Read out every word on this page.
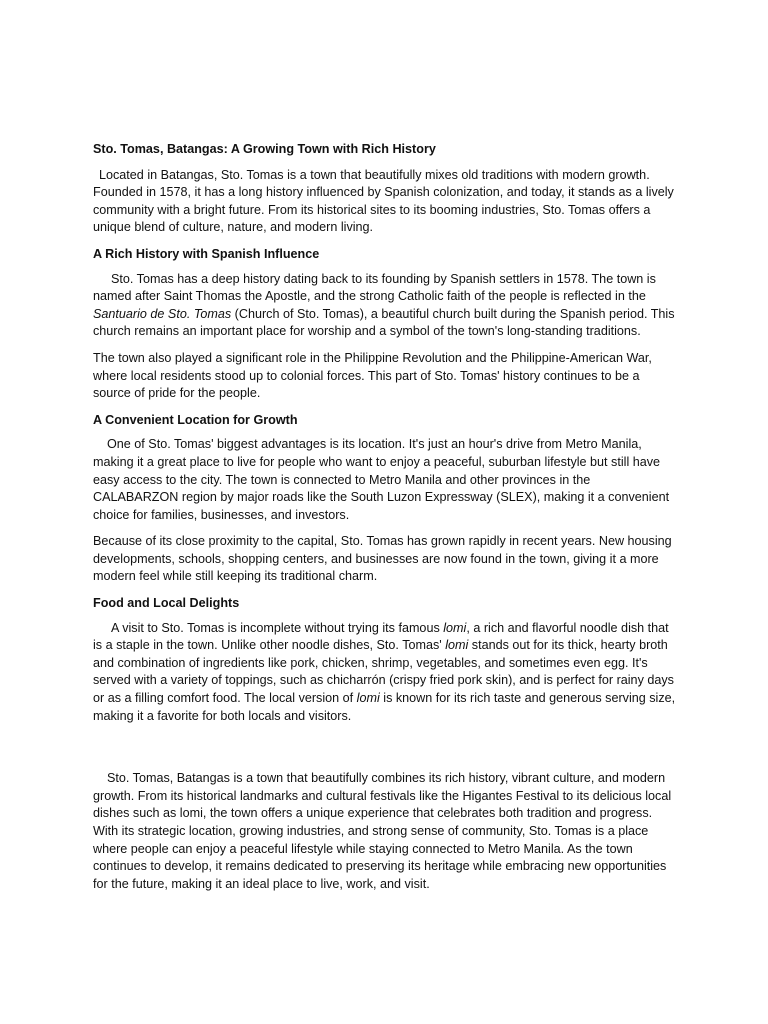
Sto. Tomas, Batangas: A Growing Town with Rich History

Located in Batangas, Sto. Tomas is a town that beautifully mixes old traditions with modern growth. Founded in 1578, it has a long history influenced by Spanish colonization, and today, it stands as a lively community with a bright future. From its historical sites to its booming industries, Sto. Tomas offers a unique blend of culture, nature, and modern living.

A Rich History with Spanish Influence

Sto. Tomas has a deep history dating back to its founding by Spanish settlers in 1578. The town is named after Saint Thomas the Apostle, and the strong Catholic faith of the people is reflected in the Santuario de Sto. Tomas (Church of Sto. Tomas), a beautiful church built during the Spanish period. This church remains an important place for worship and a symbol of the town's long-standing traditions.

The town also played a significant role in the Philippine Revolution and the Philippine-American War, where local residents stood up to colonial forces. This part of Sto. Tomas' history continues to be a source of pride for the people.

A Convenient Location for Growth

One of Sto. Tomas' biggest advantages is its location. It's just an hour's drive from Metro Manila, making it a great place to live for people who want to enjoy a peaceful, suburban lifestyle but still have easy access to the city. The town is connected to Metro Manila and other provinces in the CALABARZON region by major roads like the South Luzon Expressway (SLEX), making it a convenient choice for families, businesses, and investors.

Because of its close proximity to the capital, Sto. Tomas has grown rapidly in recent years. New housing developments, schools, shopping centers, and businesses are now found in the town, giving it a more modern feel while still keeping its traditional charm.

Food and Local Delights

A visit to Sto. Tomas is incomplete without trying its famous lomi, a rich and flavorful noodle dish that is a staple in the town. Unlike other noodle dishes, Sto. Tomas' lomi stands out for its thick, hearty broth and combination of ingredients like pork, chicken, shrimp, vegetables, and sometimes even egg. It's served with a variety of toppings, such as chicharrón (crispy fried pork skin), and is perfect for rainy days or as a filling comfort food. The local version of lomi is known for its rich taste and generous serving size, making it a favorite for both locals and visitors.

Sto. Tomas, Batangas is a town that beautifully combines its rich history, vibrant culture, and modern growth. From its historical landmarks and cultural festivals like the Higantes Festival to its delicious local dishes such as lomi, the town offers a unique experience that celebrates both tradition and progress. With its strategic location, growing industries, and strong sense of community, Sto. Tomas is a place where people can enjoy a peaceful lifestyle while staying connected to Metro Manila. As the town continues to develop, it remains dedicated to preserving its heritage while embracing new opportunities for the future, making it an ideal place to live, work, and visit.
